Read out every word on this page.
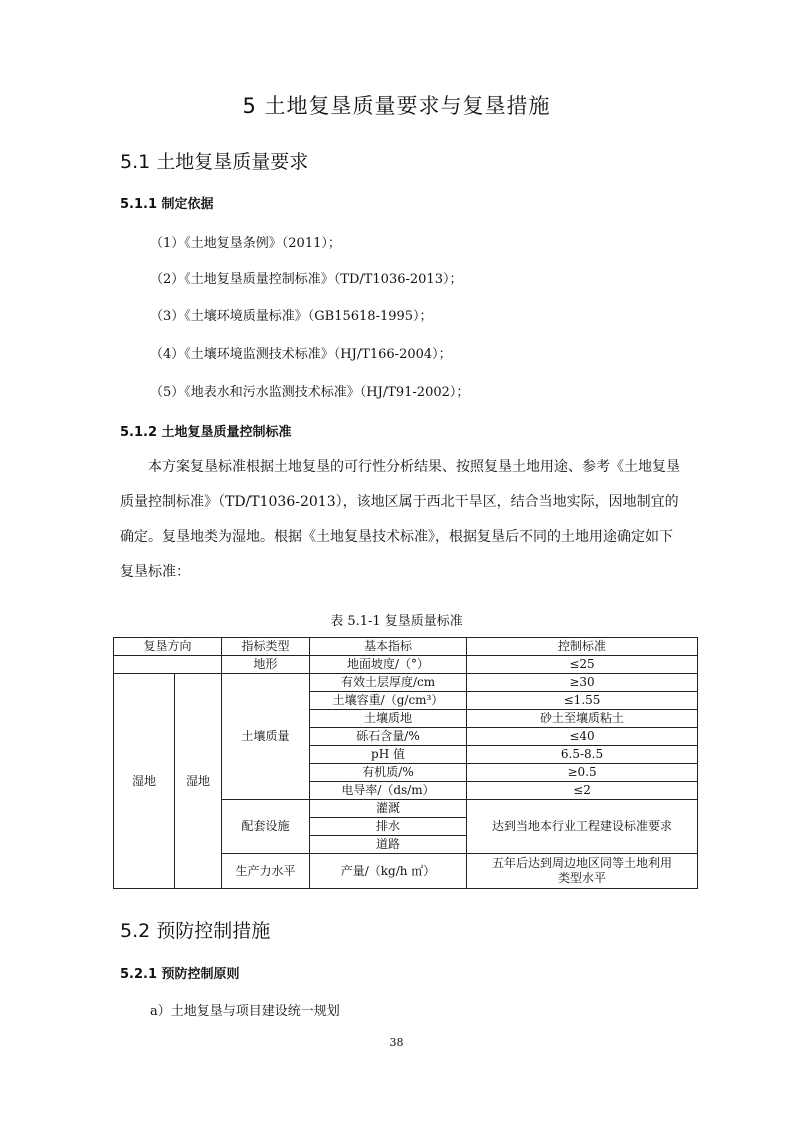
5 土地复垦质量要求与复垦措施
5.1 土地复垦质量要求
5.1.1 制定依据
（1）《土地复垦条例》（2011）；
（2）《土地复垦质量控制标准》（TD/T1036-2013）；
（3）《土壤环境质量标准》（GB15618-1995）；
（4）《土壤环境监测技术标准》（HJ/T166-2004）；
（5）《地表水和污水监测技术标准》（HJ/T91-2002）；
5.1.2 土地复垦质量控制标准

本方案复垦标准根据土地复垦的可行性分析结果、按照复垦土地用途、参考《土地复垦质量控制标准》（TD/T1036-2013），该地区属于西北干旱区，结合当地实际，因地制宜的确定。复垦地类为湿地。根据《土地复垦技术标准》，根据复垦后不同的土地用途确定如下复垦标准：

表 5.1-1 复垦质量标准
复垦方向		指标类型	基本指标	控制标准
		地形	地面坡度/（°）	≤25
湿地	湿地	土壤质量	有效土层厚度/cm	≥30
			土壤容重/（g/cm³）	≤1.55
			土壤质地	砂土至壤质粘土
			砾石含量/%	≤40
			pH 值	6.5-8.5
			有机质/%	≥0.5
			电导率/（ds/m）	≤2
		配套设施	灌溉	达到当地本行业工程建设标准要求
			排水	
			道路	
		生产力水平	产量/（kg/h ㎡）	五年后达到周边地区同等土地利用
类型水平
5.2 预防控制措施
5.2.1 预防控制原则
a）土地复垦与项目建设统一规划
38
